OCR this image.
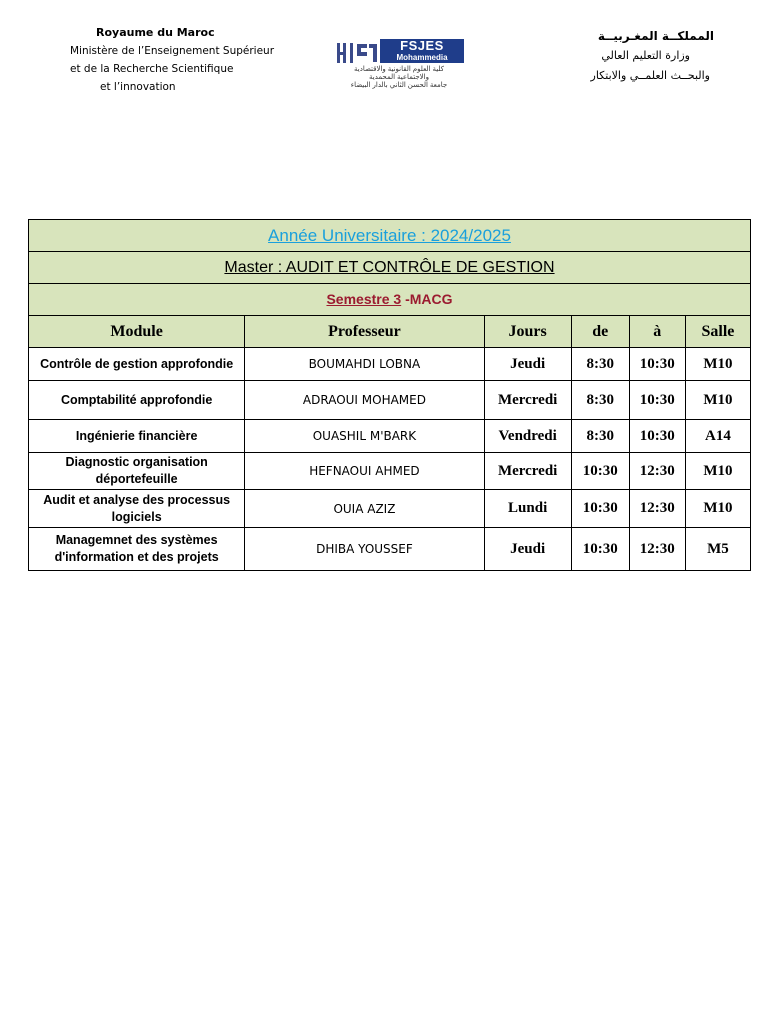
Royaume du Maroc
Ministère de l’Enseignement Supérieur
et de la Recherche Scientifique
et l’innovation
FSJES
Mohammedia
كلية العلوم القانونية والاقتصادية
والاجتماعية المحمدية
جامعة الحسن الثاني بالدار البيضاء
المملكــة المغـربيــة
وزارة التعليم العالي
والبحــث العلمــي والابتكار
Année Universitaire : 2024/2025					
Master : AUDIT ET CONTRÔLE DE GESTION					
Semestre 3 -MACG					
Module	Professeur	Jours	de	à	Salle
Contrôle de gestion approfondie	BOUMAHDI LOBNA	Jeudi	8:30	10:30	M10
Comptabilité approfondie	ADRAOUI MOHAMED	Mercredi	8:30	10:30	M10
Ingénierie financière	OUASHIL M'BARK	Vendredi	8:30	10:30	A14
Diagnostic organisation déportefeuille	HEFNAOUI AHMED	Mercredi	10:30	12:30	M10
Audit et analyse des processus logiciels	OUIA AZIZ	Lundi	10:30	12:30	M10
Managemnet des systèmes d'information et des projets	DHIBA YOUSSEF	Jeudi	10:30	12:30	M5
